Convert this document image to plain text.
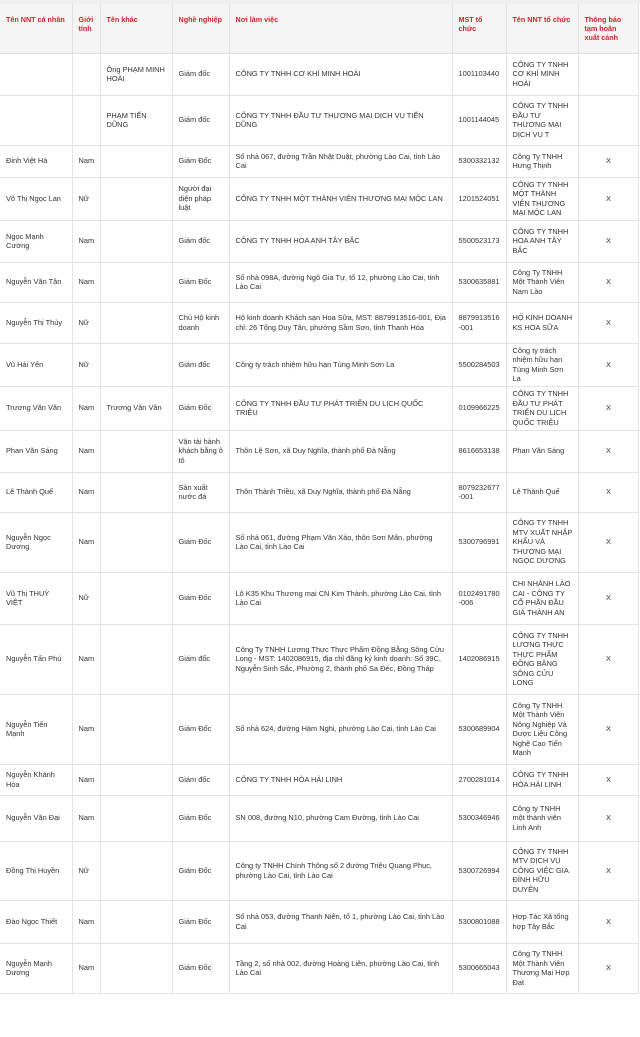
Tên NNT cá nhân	Giới tính	Tên khác	Nghề nghiệp	Nơi làm việc	MST tổ chức	Tên NNT tổ chức	Thông báo tạm hoãn xuất cảnh
		Ông PHẠM MINH HOÀI	Giám đốc	CÔNG TY TNHH CƠ KHÍ MINH HOÀI	1001103440	CÔNG TY TNHH CƠ KHÍ MINH HOÀI	
		PHẠM TIẾN DŨNG	Giám đốc	CÔNG TY TNHH ĐẦU TƯ THƯƠNG MẠI DỊCH VỤ TIẾN DŨNG	1001144045	CÔNG TY TNHH ĐẦU TƯ THƯƠNG MẠI DỊCH VỤ T	
Đinh Việt Hà	Nam		Giám Đốc	Số nhà 067, đường Trần Nhật Duật, phường Lào Cai, tỉnh Lào Cai	5300332132	Công Ty TNHH Hưng Thịnh	X
Võ Thị Ngọc Lan	Nữ		Người đại diện pháp luật	CÔNG TY TNHH MỘT THÀNH VIÊN THƯƠNG MẠI MỘC LAN	1201524051	CÔNG TY TNHH MỘT THÀNH VIÊN THƯƠNG MẠI MỘC LAN	X
Ngọc Mạnh Cường	Nam		Giám đốc	CÔNG TY TNHH HOA ANH TÂY BẮC	5500523173	CÔNG TY TNHH HOA ANH TÂY BẮC	X
Nguyễn Văn Tân	Nam		Giám Đốc	Số nhà 098A, đường Ngô Gia Tự, tổ 12, phường Lào Cai, tỉnh Lào Cai	5300635881	Công Ty TNHH Một Thành Viên Nam Lào	X
Nguyễn Thị Thủy	Nữ		Chủ Hộ kinh doanh	Hộ kinh doanh Khách sạn Hoa Sữa, MST: 8879913516-001, Địa chỉ: 26 Tống Duy Tân, phường Sầm Sơn, tỉnh Thanh Hóa	8879913516-001	HỘ KINH DOANH KS HOA SỮA	X
Vũ Hải Yến	Nữ		Giám đốc	Công ty trách nhiệm hữu hạn Tùng Minh Sơn La	5500284503	Công ty trách nhiệm hữu hạn Tùng Minh Sơn La	X
Trương Văn Vân	Nam	Trương Văn Vân	Giám Đốc	CÔNG TY TNHH ĐẦU TƯ PHÁT TRIỂN DU LỊCH QUỐC TRIỆU	0109966225	CÔNG TY TNHH ĐẦU TƯ PHÁT TRIỂN DU LỊCH QUỐC TRIỆU	X
Phan Văn Sáng	Nam		Vận tải hành khách bằng ô tô	Thôn Lệ Sơn, xã Duy Nghĩa, thành phố Đà Nẵng	8616653138	Phan Văn Sáng	X
Lê Thành Quế	Nam		Sản xuất nước đá	Thôn Thành Triều, xã Duy Nghĩa, thành phố Đà Nẵng	8079232677-001	Lê Thành Quế	X
Nguyễn Ngọc Dương	Nam		Giám Đốc	Số nhà 061, đường Phạm Văn Xảo, thôn Sơn Mãn, phường Lào Cai, tỉnh Lào Cai	5300796991	CÔNG TY TNHH MTV XUẤT NHẬP KHẨU VÀ THƯƠNG MẠI NGỌC DƯƠNG	X
Vũ Thị THUỲ VIỆT	Nữ		Giám Đốc	Lô K35 Khu Thương mại CN Kim Thành, phường Lào Cai, tỉnh Lào Cai	0102491780-006	CHI NHÁNH LÀO CAI - CÔNG TY CỔ PHẦN ĐẦU GIÁ THÀNH AN	X
Nguyễn Tấn Phú	Nam		Giám đốc	Công Ty TNHH Lương Thực Thực Phẩm Đồng Bằng Sông Cửu Long - MST: 1402086915, địa chỉ đăng ký kinh doanh: Số 39C, Nguyễn Sinh Sắc, Phường 2, thành phố Sa Đéc, Đồng Tháp	1402086915	CÔNG TY TNHH LƯƠNG THỰC THỰC PHẨM ĐỒNG BẰNG SÔNG CỬU LONG	X
Nguyễn Tiến Mạnh	Nam		Giám Đốc	Số nhà 624, đường Hàm Nghi, phường Lào Cai, tỉnh Lào Cai	5300689904	Công Ty TNHH Một Thành Viên Nông Nghiệp Và Dược Liệu Công Nghệ Cao Tiến Mạnh	X
Nguyễn Khánh Hòa	Nam		Giám đốc	CÔNG TY TNHH HÒA HẢI LINH	2700281014	CÔNG TY TNHH HÒA HẢI LINH	X
Nguyễn Văn Đại	Nam		Giám Đốc	SN 008, đường N10, phường Cam Đường, tỉnh Lào Cai	5300346946	Công ty TNHH một thành viên Linh Anh	X
Đồng Thị Huyền	Nữ		Giám Đốc	Công ty TNHH Chính Thông số 2 đường Triệu Quang Phục, phường Lào Cai, tỉnh Lào Cai	5300726994	CÔNG TY TNHH MTV DỊCH VỤ CÔNG VIỆC GIA ĐÌNH HỮU DUYÊN	X
Đào Ngọc Thiết	Nam		Giám Đốc	Số nhà 053, đường Thanh Niên, tổ 1, phường Lào Cai, tỉnh Lào Cai	5300801088	Hợp Tác Xã tổng hợp Tây Bắc	X
Nguyễn Mạnh Dương	Nam		Giám Đốc	Tầng 2, số nhà 002, đường Hoàng Liên, phường Lào Cai, tỉnh Lào Cai	5300665043	Công Ty TNHH Một Thành Viên Thương Mại Hợp Đạt	X
